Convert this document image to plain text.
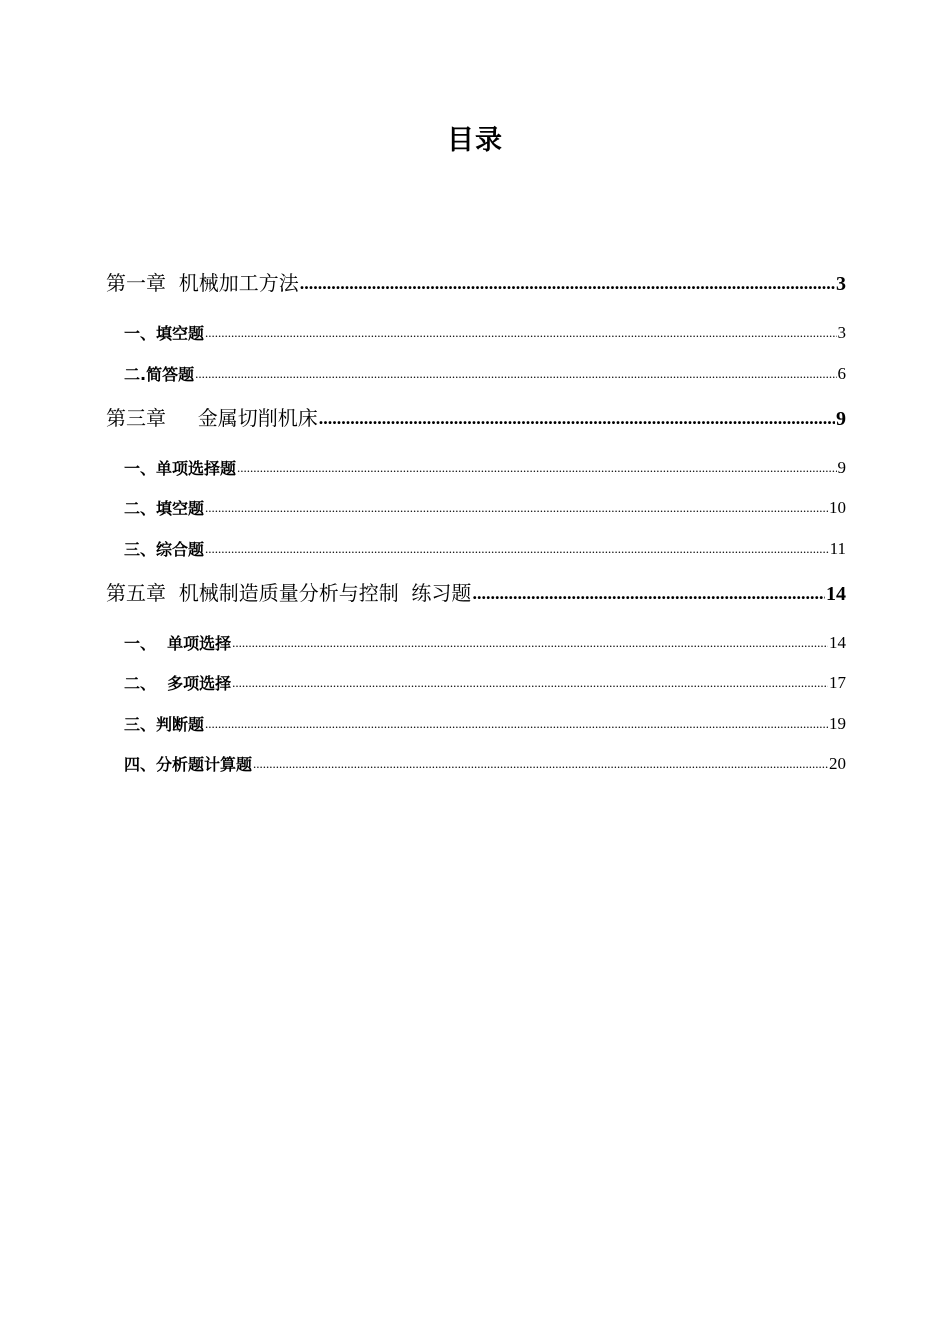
目录
第一章  机械加工方法 .....	3
一、填空题 .....	3
二.简答题 .....	6
第三章     金属切削机床 .....	9
一、单项选择题 .....	9
二、填空题 .....	10
三、综合题 .....	11
第五章  机械制造质量分析与控制  练习题 .....	14
一、  单项选择 .....	14
二、  多项选择 .....	17
三、判断题 .....	19
四、分析题计算题 .....	20
